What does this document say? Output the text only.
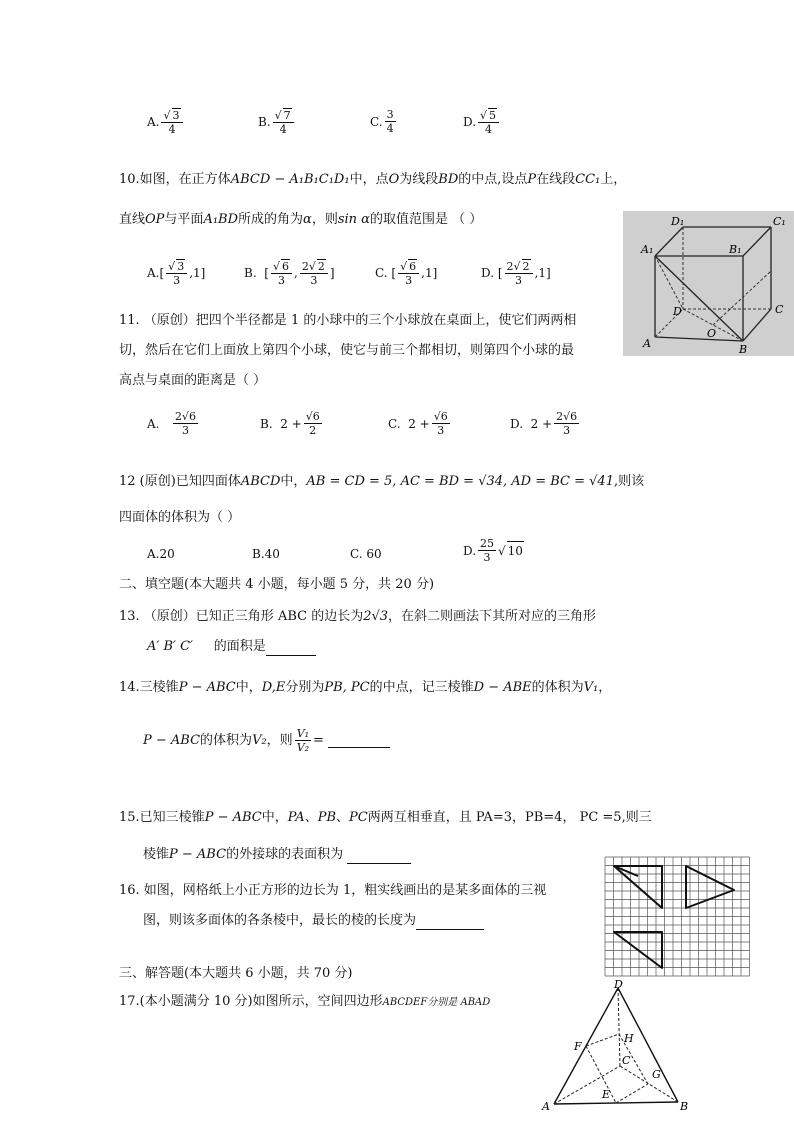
A. √ $\frac{3}{4}$	B. √ $\frac{7}{4}$	C. $\frac{3}{4}$	D. √ $\frac{5}{4}$
10.如图，在正方体ABCD − A₁B₁C₁D₁中，点O为线段BD的中点,设点P在线段CC₁上，
直线OP与平面A₁BD所成的角为α，则sin α的取值范围是 （ ）
A. [ √ $\frac{3}{3}$ , 1 ]	B.
[ √ $\frac{6}{3}$ , $\frac{2 √ 2}{3}$ ]	C.
[ √ $\frac{6}{3}$ , 1 ]	D.
[ $\frac{2 √ 2}{3}$ , 1 ]
D₁	C₁
A₁	B₁
D	C
O
A	B
11. （原创）把四个半径都是 1 的小球中的三个小球放在桌面上，使它们两两相
切，然后在它们上面放上第四个小球，使它与前三个都相切，则第四个小球的最
高点与桌面的距离是（ ）
A.
$\frac{2√6}{3}$	B.
$2 + \frac{√6}{2}$	C.
$2 + \frac{√6}{3}$	D.
$2 + \frac{2√6}{3}$
12 (原创)已知四面体ABCD中，AB = CD = 5, AC = BD = √34, AD = BC = √41,则该
四面体的体积为（ ）
A.20	B.40	C. 60	D. $\frac{25}{3}$ √ 10
二、填空题(本大题共 4 小题，每小题 5 分，共 20 分)
13. （原创）已知正三角形 ABC 的边长为2√3，在斜二则画法下其所对应的三角形
A′ B′ C′ 的面积是
14.三棱锥P − ABC中，D,E分别为PB, PC的中点，记三棱锥D − ABE的体积为V₁，
P − ABC 的体积为 V₂ ，则 $\frac{\text{V₁}}{\text{V₂}}$ =

15.已知三棱锥P − ABC中，PA、PB、PC两两互相垂直，且 PA=3，PB=4， PC =5,则三
棱锥P − ABC的外接球的表面积为
16. 如图，网格纸上小正方形的边长为 1，粗实线画出的是某多面体的三视
图，则该多面体的各条棱中，最长的棱的长度为
三、解答题(本大题共 6 小题，共 70 分)
17.(本小题满分 10 分)如图所示，空间四边形ABCDEF分别是 ABAD
D
H
F
C
G
E
A	B
